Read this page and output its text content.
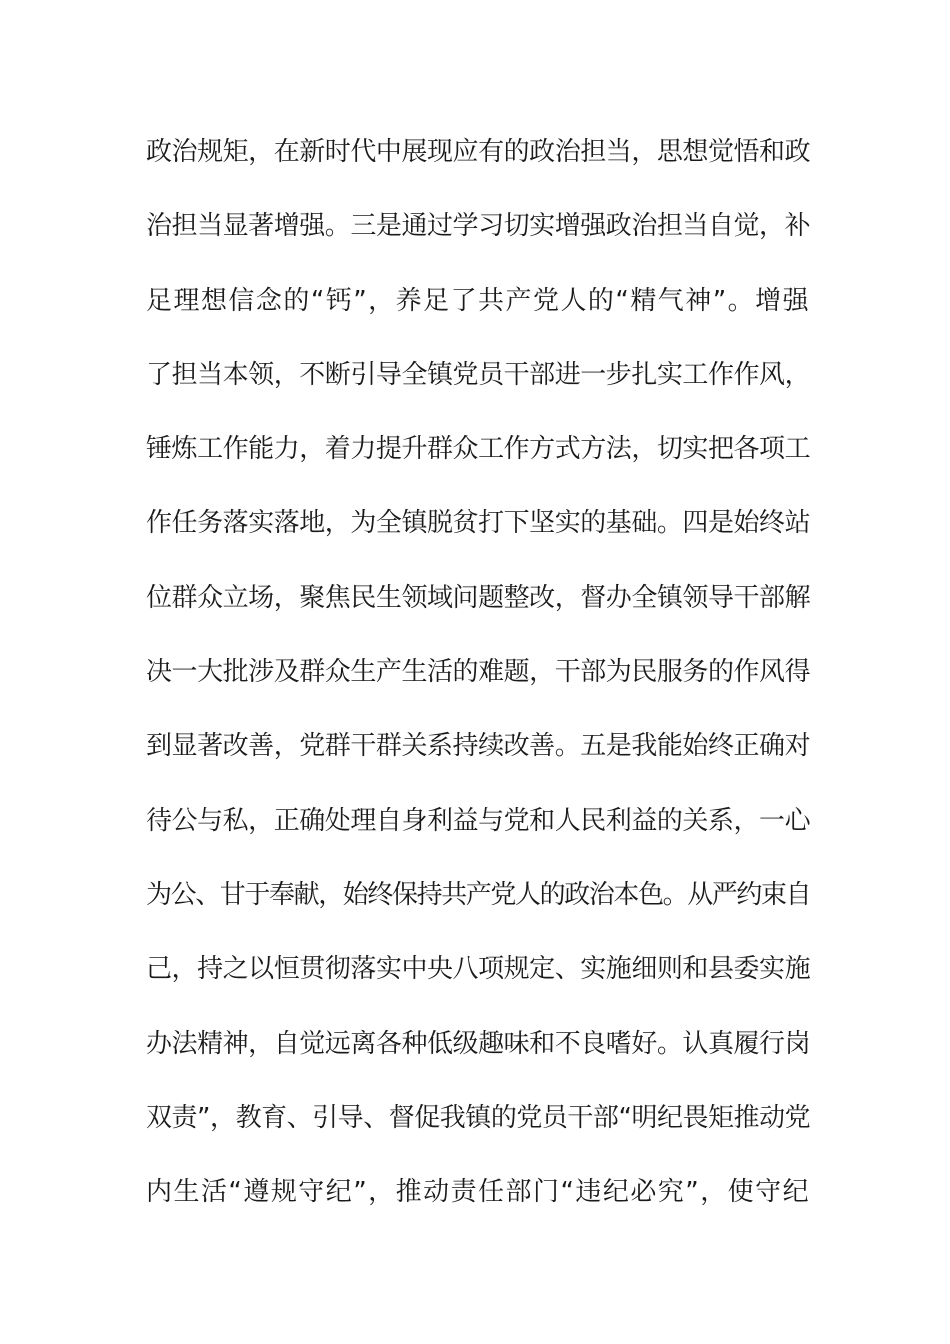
政治规矩，在新时代中展现应有的政治担当，思想觉悟和政
治担当显著增强。三是通过学习切实增强政治担当自觉，补
足理想信念的“钙”，养足了共产党人的“精气神”。增强
了担当本领，不断引导全镇党员干部进一步扎实工作作风，
锤炼工作能力，着力提升群众工作方式方法，切实把各项工
作任务落实落地，为全镇脱贫打下坚实的基础。四是始终站
位群众立场，聚焦民生领域问题整改，督办全镇领导干部解
决一大批涉及群众生产生活的难题，干部为民服务的作风得
到显著改善，党群干群关系持续改善。五是我能始终正确对
待公与私，正确处理自身利益与党和人民利益的关系，一心
为公、甘于奉献，始终保持共产党人的政治本色。从严约束自
己，持之以恒贯彻落实中央八项规定、实施细则和县委实施
办法精神，自觉远离各种低级趣味和不良嗜好。认真履行岗
双责”，教育、引导、督促我镇的党员干部“明纪畏矩推动党
内生活“遵规守纪”，推动责任部门“违纪必究”，使守纪
